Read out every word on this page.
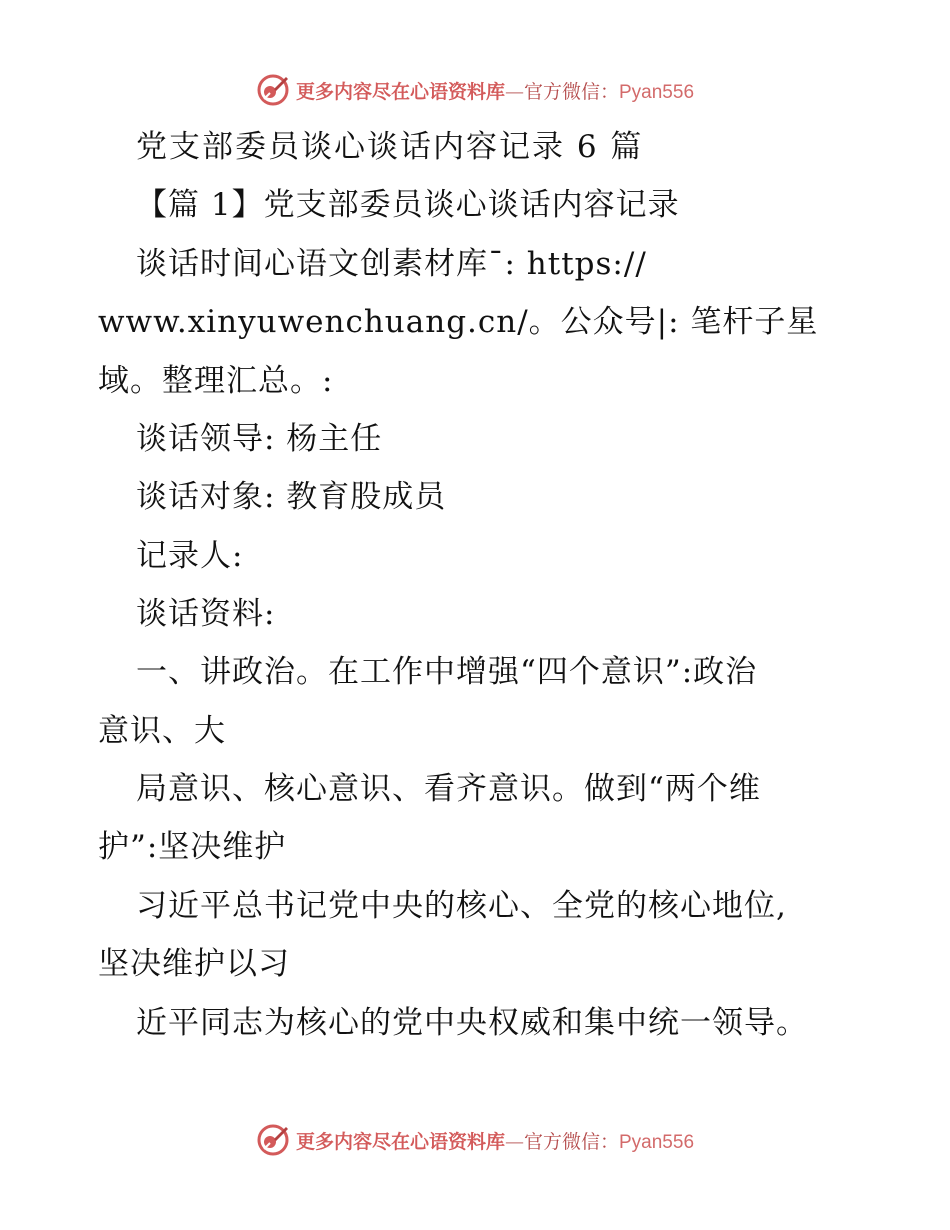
更多内容尽在心语资料库—官方微信：Pyan556
党支部委员谈心谈话内容记录 6 篇
【篇 1】党支部委员谈心谈话内容记录
谈话时间心语文创素材库¯: https://
www.xinyuwenchuang.cn/。公众号|: 笔杆子星
域。整理汇总。:
谈话领导: 杨主任
谈话对象: 教育股成员
记录人:
谈话资料:
一、讲政治。在工作中增强“四个意识”:政治
意识、大
局意识、核心意识、看齐意识。做到“两个维
护”:坚决维护
习近平总书记党中央的核心、全党的核心地位,
坚决维护以习
近平同志为核心的党中央权威和集中统一领导。
更多内容尽在心语资料库—官方微信：Pyan556
